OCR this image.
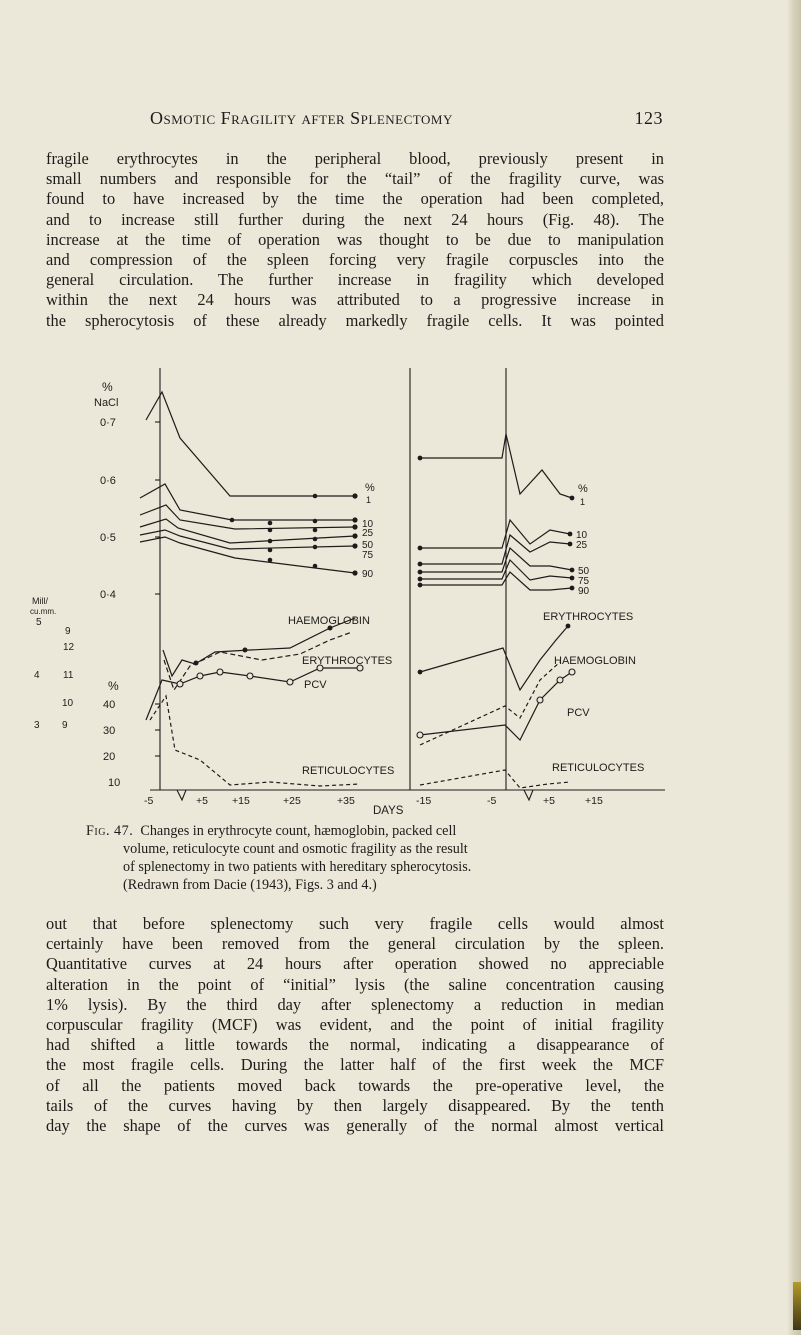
Osmotic Fragility after Splenectomy	123

fragile erythrocytes in the peripheral blood, previously present in

small numbers and responsible for the “tail” of the fragility curve, was

found to have increased by the time the operation had been completed,

and to increase still further during the next 24 hours (Fig. 48). The

increase at the time of operation was thought to be due to manipulation

and compression of the spleen forcing very fragile corpuscles into the

general circulation. The further increase in fragility which developed

within the next 24 hours was attributed to a progressive increase in

the spherocytosis of these already markedly fragile cells. It was pointed

%
NaCl
0·7
0·6
0·5
0·4
Mill/
cu.mm.
5
4
3
9
12
11
10
9
%
40
30
20
10
-5	+5 +15	+25	+35	-15	-5	+5	+15
DAYS
%
1
10
25
50
75
90
HAEMOGLOBIN
ERYTHROCYTES
PCV
RETICULOCYTES
%
1
10
25
50
75
90
ERYTHROCYTES
HAEMOGLOBIN
PCV
RETICULOCYTES
Fig. 47. Changes in erythrocyte count, hæmoglobin, packed cell
volume, reticulocyte count and osmotic fragility as the result
of splenectomy in two patients with hereditary spherocytosis.
(Redrawn from Dacie (1943), Figs. 3 and 4.)

out that before splenectomy such very fragile cells would almost

certainly have been removed from the general circulation by the spleen.

Quantitative curves at 24 hours after operation showed no appreciable

alteration in the point of “initial” lysis (the saline concentration causing

1% lysis). By the third day after splenectomy a reduction in median

corpuscular fragility (MCF) was evident, and the point of initial fragility

had shifted a little towards the normal, indicating a disappearance of

the most fragile cells. During the latter half of the first week the MCF

of all the patients moved back towards the pre-operative level, the

tails of the curves having by then largely disappeared. By the tenth

day the shape of the curves was generally of the normal almost vertical
